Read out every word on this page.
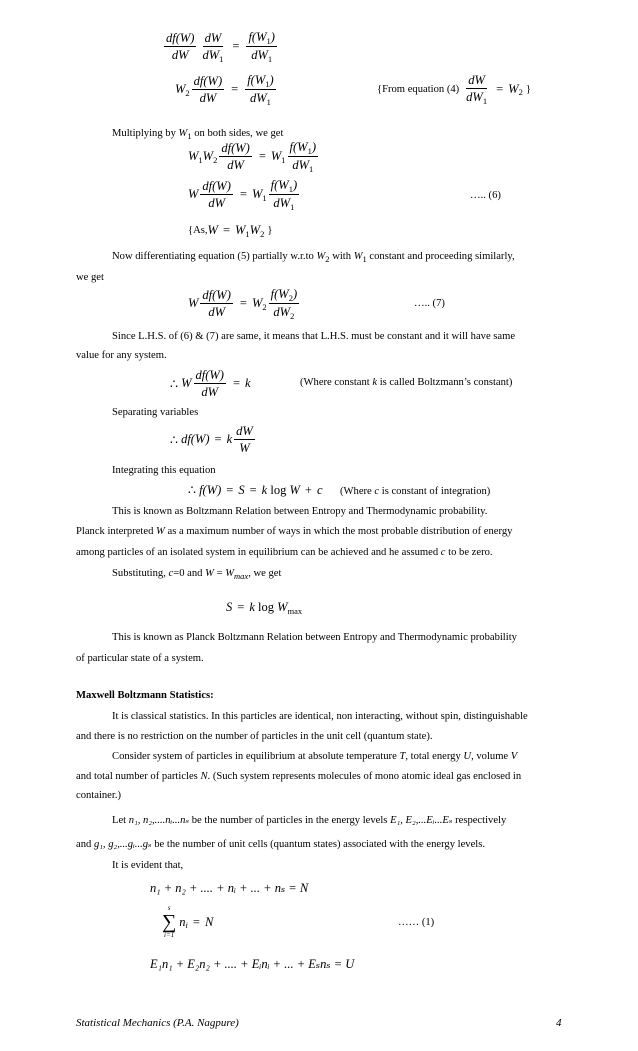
$\frac{df(W)}{dW} \frac{dW}{dW_1} = \frac{f(W_1)}{dW_1}$
W $2 \frac{df(W)}{dW} = \frac{f(W_1)}{dW_1}$	{From equation $(4) \frac{dW}{dW_1} = W$ 2 }
Multiplying by $W_1$ on both sides, we get
W 1 W $2 \frac{df(W)}{dW} = W$ $1 \frac{f(W_1)}{dW_1}$
W $\frac{df(W)}{dW} = W$ $1 \frac{f(W_1)}{dW_1}$	….. (6)
{As, W = W 1 W 2 }
Now differentiating equation (5) partially w.r.to $W_2$ with $W_1$ constant and proceeding similarly,
we get
W $\frac{df(W)}{dW} = W$ $2 \frac{f(W_2)}{dW_2}$	….. (7)
Since L.H.S. of (6) & (7) are same, it means that L.H.S. must be constant and it will have same
value for any system.
∴
W $\frac{df(W)}{dW} = k$	(Where constant k is called Boltzmann’s constant)
Separating variables
∴
df(W) = k $\frac{dW}{W}$
Integrating this equation
∴
f(W) = S = k
log
W + c (Where c is constant of integration)
This is known as Boltzmann Relation between Entropy and Thermodynamic probability.
Planck interpreted W as a maximum number of ways in which the most probable distribution of energy
among particles of an isolated system in equilibrium can be achieved and he assumed c to be zero.
Substituting, c=0 and $W = W_{max}$, we get
S = k
log
W max
This is known as Planck Boltzmann Relation between Entropy and Thermodynamic probability
of particular state of a system.
Maxwell Boltzmann Statistics:
It is classical statistics. In this particles are identical, non interacting, without spin, distinguishable
and there is no restriction on the number of particles in the unit cell (quantum state).
Consider system of particles in equilibrium at absolute temperature T, total energy U, volume V
and total number of particles N. (Such system represents molecules of mono atomic ideal gas enclosed in
container.)
Let n₁, n₂,....nᵢ...nₛ be the number of particles in the energy levels E₁, E₂,...Eᵢ...Eₛ respectively
and g₁, g₂,...gᵢ...gₛ be the number of unit cells (quantum states) associated with the energy levels.
It is evident that,
n₁ + n₂ + .... + nᵢ + ... + nₛ = N
s
∑
i=1
n i = N	…… (1)
E₁n₁ + E₂n₂ + .... + Eᵢnᵢ + ... + Eₛnₛ = U
Statistical Mechanics (P.A. Nagpure)	4
